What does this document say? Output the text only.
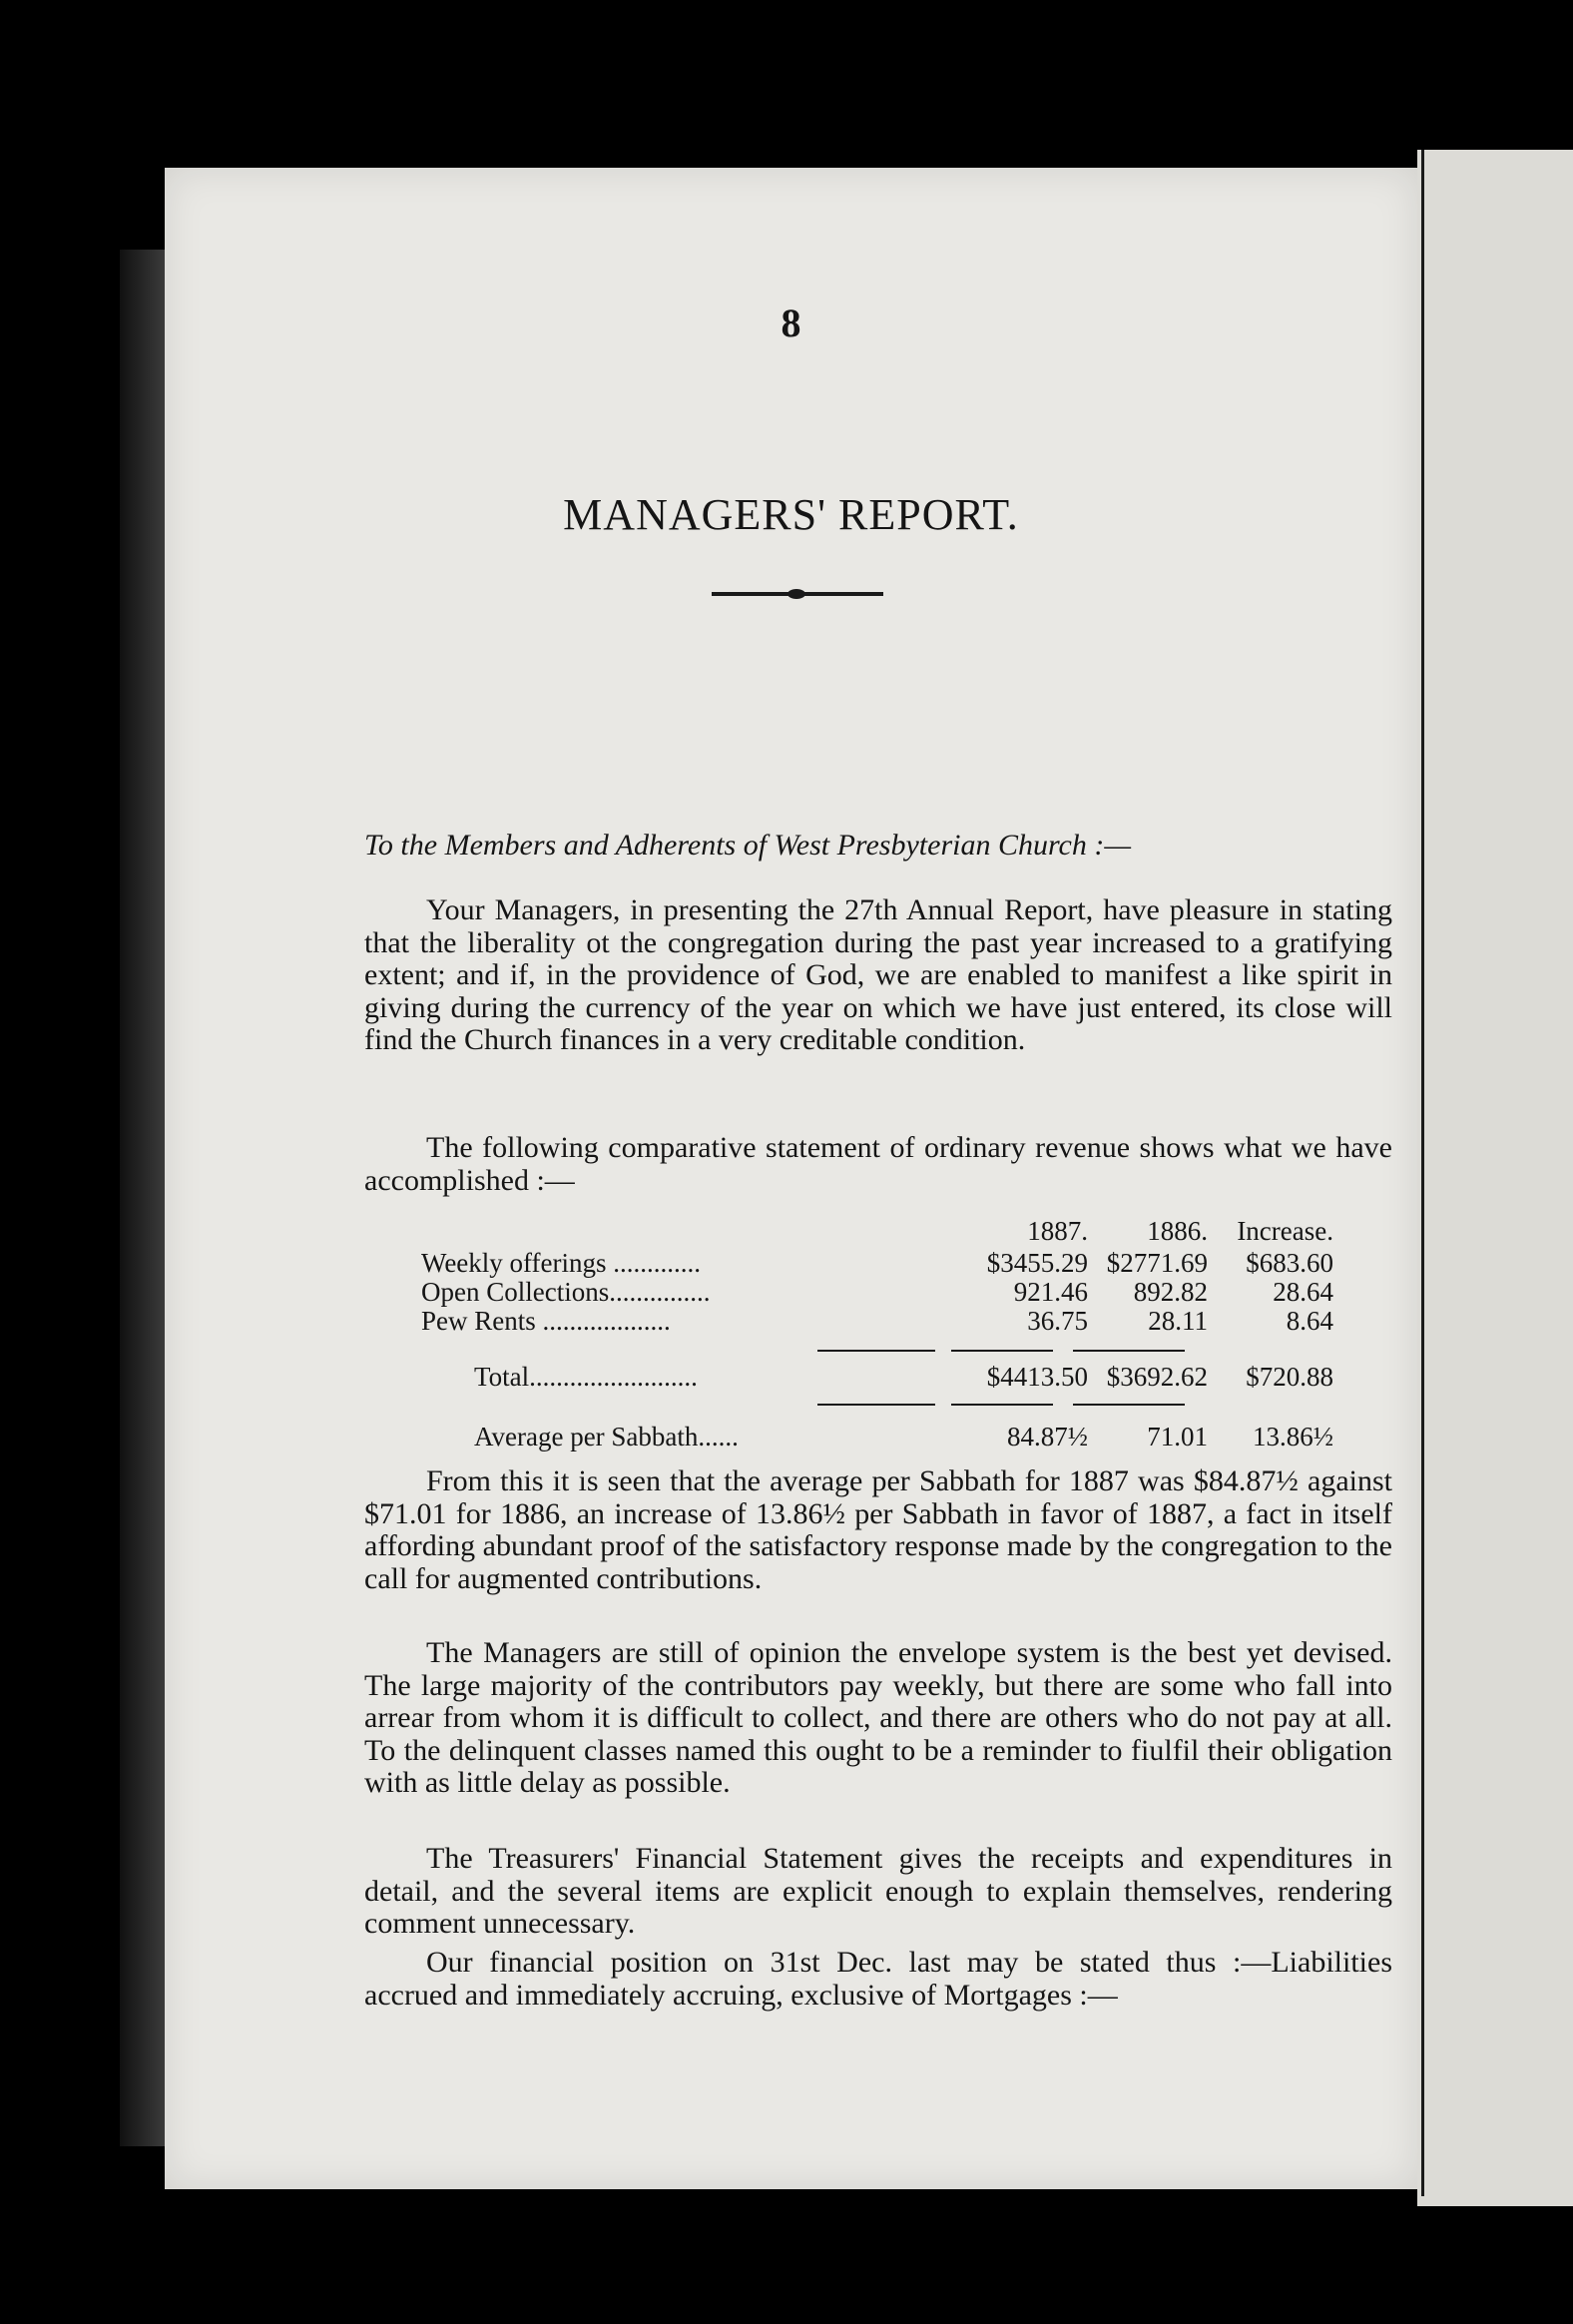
8
MANAGERS' REPORT.
To the Members and Adherents of West Presbyterian Church :—

Your Managers, in presenting the 27th Annual Report, have pleasure in stating that the liberality ot the congregation during the past year increased to a gratifying extent; and if, in the providence of God, we are enabled to manifest a like spirit in giving during the currency of the year on which we have just entered, its close will find the Church finances in a very creditable condition.

The following comparative statement of ordinary revenue shows what we have accomplished :—

1887. 1886. Increase.
Weekly offerings .............	$3455.29 $2771.69 $683.60
Open Collections...............	921.46 892.82 28.64
Pew Rents ...................	36.75 28.11	8.64
Total.........................	$4413.50 $3692.62 $720.88
Average per Sabbath......	84.87½ 71.01 13.86½

From this it is seen that the average per Sabbath for 1887 was $84.87½ against $71.01 for 1886, an increase of 13.86½ per Sabbath in favor of 1887, a fact in itself affording abundant proof of the satisfactory response made by the congregation to the call for augmented contributions.

The Managers are still of opinion the envelope system is the best yet devised. The large majority of the contributors pay weekly, but there are some who fall into arrear from whom it is difficult to collect, and there are others who do not pay at all. To the delinquent classes named this ought to be a reminder to fiulfil their obligation with as little delay as possible.

The Treasurers' Financial Statement gives the receipts and expenditures in detail, and the several items are explicit enough to explain themselves, rendering comment unnecessary.

Our financial position on 31st Dec. last may be stated thus :—Liabilities accrued and immediately accruing, exclusive of Mortgages :—
